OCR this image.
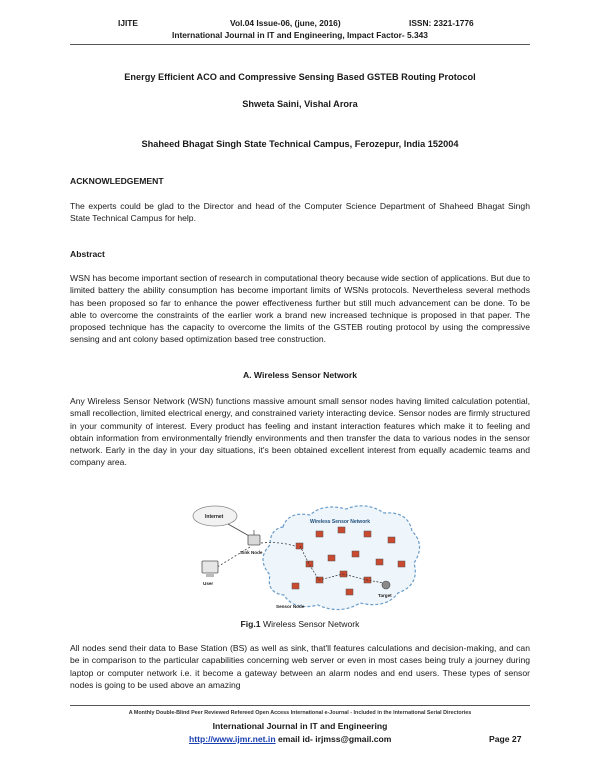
IJITE	Vol.04 Issue-06, (june, 2016)	ISSN: 2321-1776
International Journal in IT and Engineering, Impact Factor- 5.343
Energy Efficient ACO and Compressive Sensing Based GSTEB Routing Protocol
Shweta Saini, Vishal Arora
Shaheed Bhagat Singh State Technical Campus, Ferozepur, India 152004
ACKNOWLEDGEMENT
The experts could be glad to the Director and head of the Computer Science Department of Shaheed Bhagat Singh State Technical Campus for help.
Abstract
WSN has become important section of research in computational theory because wide section of applications. But due to limited battery the ability consumption has become important limits of WSNs protocols. Nevertheless several methods has been proposed so far to enhance the power effectiveness further but still much advancement can be done. To be able to overcome the constraints of the earlier work a brand new increased technique is proposed in that paper. The proposed technique has the capacity to overcome the limits of the GSTEB routing protocol by using the compressive sensing and ant colony based optimization based tree construction.
A. Wireless Sensor Network
Any Wireless Sensor Network (WSN) functions massive amount small sensor nodes having limited calculation potential, small recollection, limited electrical energy, and constrained variety interacting device. Sensor nodes are firmly structured in your community of interest. Every product has feeling and instant interaction features which make it to feeling and obtain information from environmentally friendly environments and then transfer the data to various nodes in the sensor network. Early in the day in your day situations, it's been obtained excellent interest from equally academic teams and company area.
Internet
Sink Node
User
Wireless Sensor Network
Target
Sensor Node
Fig.1 Wireless Sensor Network
All nodes send their data to Base Station (BS) as well as sink, that'll features calculations and decision-making, and can be in comparison to the particular capabilities concerning web server or even in most cases being truly a journey during laptop or computer network i.e. it become a gateway between an alarm nodes and end users. These types of sensor nodes is going to be used above an amazing
A Monthly Double-Blind Peer Reviewed Refereed Open Access International e-Journal - Included in the International Serial Directories
International Journal in IT and Engineering
http://www.ijmr.net.in email id- irjmss@gmail.com	Page 27
